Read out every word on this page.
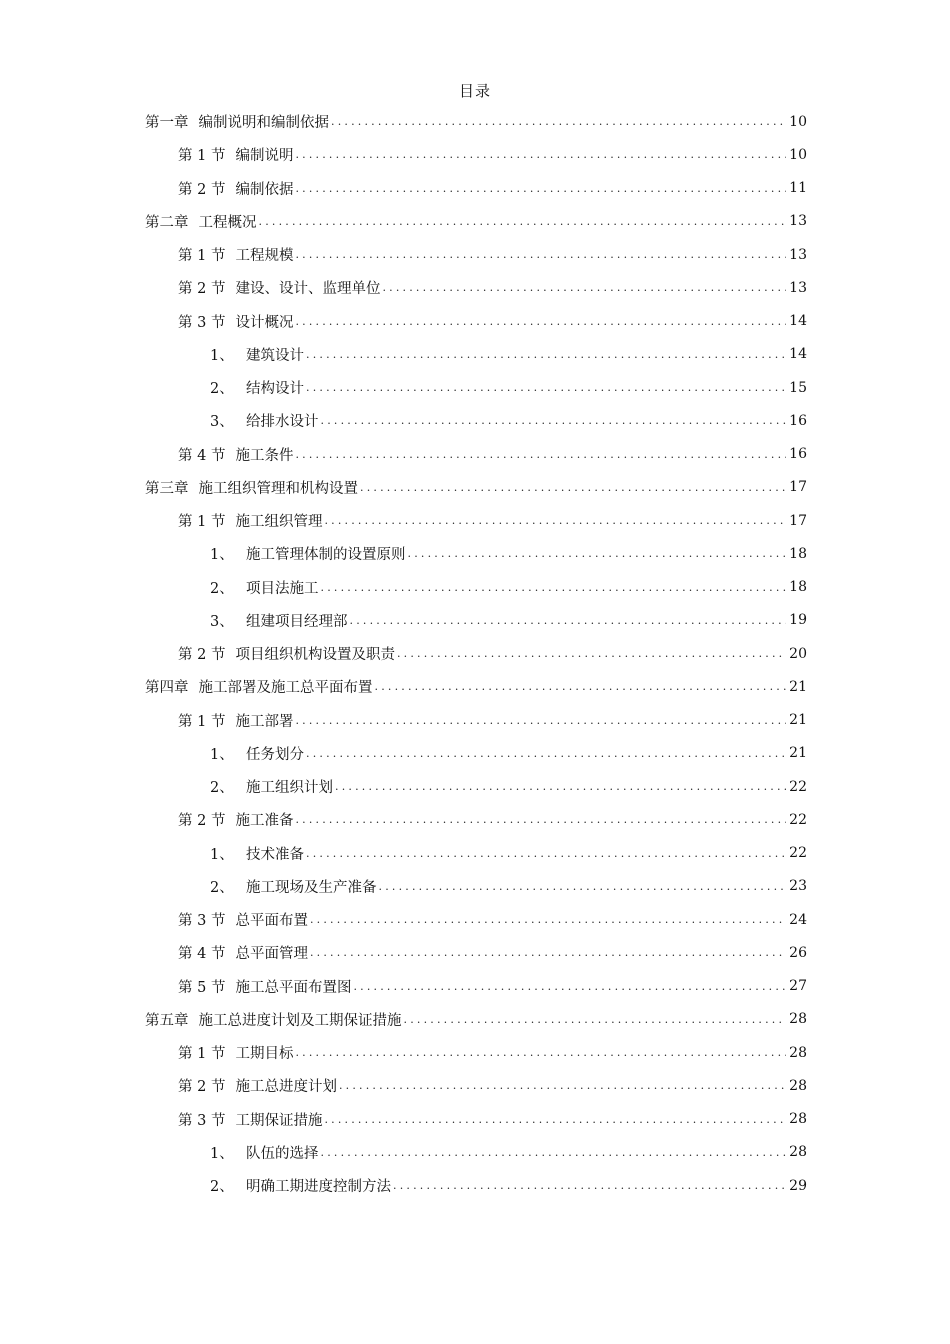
目录
第一章 编制说明和编制依据 .....	10
第 1 节 编制说明 .....	10
第 2 节 编制依据 .....	11
第二章 工程概况 .....	13
第 1 节 工程规模 .....	13
第 2 节 建设、设计、监理单位 .....	13
第 3 节 设计概况 .....	14
1、 建筑设计 .....	14
2、 结构设计 .....	15
3、 给排水设计 .....	16
第 4 节 施工条件 .....	16
第三章 施工组织管理和机构设置 .....	17
第 1 节 施工组织管理 .....	17
1、 施工管理体制的设置原则 .....	18
2、 项目法施工 .....	18
3、 组建项目经理部 .....	19
第 2 节 项目组织机构设置及职责 .....	20
第四章 施工部署及施工总平面布置 .....	21
第 1 节 施工部署 .....	21
1、 任务划分 .....	21
2、 施工组织计划 .....	22
第 2 节 施工准备 .....	22
1、 技术准备 .....	22
2、 施工现场及生产准备 .....	23
第 3 节 总平面布置 .....	24
第 4 节 总平面管理 .....	26
第 5 节 施工总平面布置图 .....	27
第五章 施工总进度计划及工期保证措施 .....	28
第 1 节 工期目标 .....	28
第 2 节 施工总进度计划 .....	28
第 3 节 工期保证措施 .....	28
1、 队伍的选择 .....	28
2、 明确工期进度控制方法 .....	29
